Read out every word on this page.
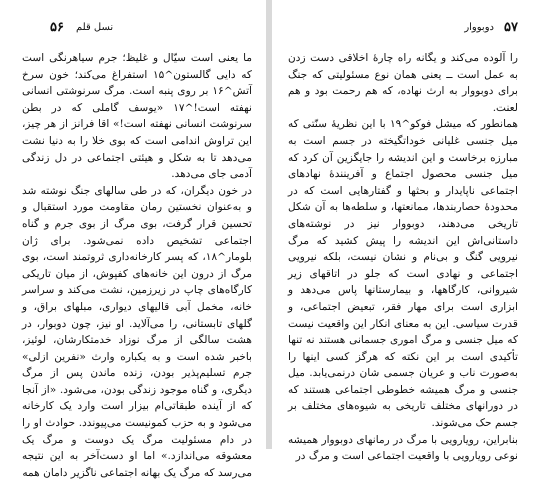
۵۶ نسل قلم

ما یعنی است سیّال و غلیظ؛ جرم سیاهرنگی است که دایی گالستون^۱۵ استفراغ می‌کند؛ خون سرخ آتش^۱۶ بر روی پنبه است. مرگ سرنوشتی انسانی نهفته است!^۱۷ «یوسف گاملی که در بطن سرنوشت انسانی نهفته است!» اقا فرانز از هر چیز، این تراوش اندامی است که بوی خلا را به دنیا نشت می‌دهد تا به شکل و هیئتی اجتماعی در دل زندگی آدمی جای می‌دهد.

در خون دیگران، که در طی سالهای جنگ نوشته شد و به‌عنوان نخستین رمان مقاومت مورد استقبال و تحسین قرار گرفت، بوی مرگ از بوی جرم و گناه اجتماعی تشخیص داده نمی‌شود. برای ژان بلومار^۱۸، که پسر کارخانه‌داری ثروتمند است، بوی مرگ از درون این خانه‌های کفپوش، از میان تاریکی کارگاه‌های چاپ در زیرزمین، نشت می‌کند و سراسر خانه، مخمل آبی قالیهای دیواری، مبلهای براق، و گلهای تابستانی، را می‌آلاید. او نیز، چون دوبوار، در هشت سالگی از مرگ نوزاد خدمتکارشان، لوئیز، باخبر شده است و به یکباره وارث «نفرین ازلی» جرم تسلیم‌پذیر بودن، زنده ماندن پس از مرگ دیگری، و گناه موجود زندگی بودن، می‌شود. «از آنجا که از آینده طبقاتی‌ام بیزار است وارد یک کارخانه می‌شود و به حزب کمونیست می‌پیوندد. حوادث او را در دام مسئولیت مرگ یک دوست و مرگ یک معشوقه می‌اندازد.» اما او دست‌آخر به این نتیجه می‌رسد که مرگ یک بهانه اجتماعی ناگزیر دامان همه

۵۷
دوبووار

را آلوده می‌کند و یگانه راه چارهٔ اخلاقی دست زدن به عمل است ــ یعنی همان نوع مسئولیتی که جنگ برای دوبووار به ارث نهاده، که هم رحمت بود و هم لعنت.

همانطور که میشل فوکو^۱۹ با این نظریهٔ سنّتی که میل جنسی غلیانی خوداتگیخته در جسم است به مبارزه برخاست و این اندیشه را جایگزین آن کرد که میل جنسی محصول اجتماع و آفرینندهٔ نهادهای اجتماعی ناپایدار و بحثها و گفتارهایی است که در محدودهٔ حصاربندها، ممانعتها، و سلطه‌ها به آن شکل تاریخی می‌دهند، دوبووار نیز در نوشته‌های داستانی‌اش این اندیشه را پیش کشید که مرگ نیرویی گنگ و بی‌نام و نشان نیست، بلکه نیرویی اجتماعی و نهادی است که جلو در اتاقهای زیر شیروانی، کارگاهها، و بیمارستانها پاس می‌دهد و ابزاری است برای مهار فقر، تبعیض اجتماعی، و قدرت سیاسی. این به معنای انکار این واقعیت نیست که میل جنسی و مرگ اموری جسمانی هستند نه تنها تأکیدی است بر این نکته که هرگز کسی اینها را به‌صورت ناب و عریان جسمی شان درنمی‌یابد. میل جنسی و مرگ همیشه خطوطی اجتماعی هستند که در دورانهای مختلف تاریخی به شیوه‌های مختلف بر جسم حک می‌شوند.

بنابراین، رویارویی با مرگ در رمانهای دوبووار همیشه نوعی رویارویی با واقعیت اجتماعی است و مرگ در
